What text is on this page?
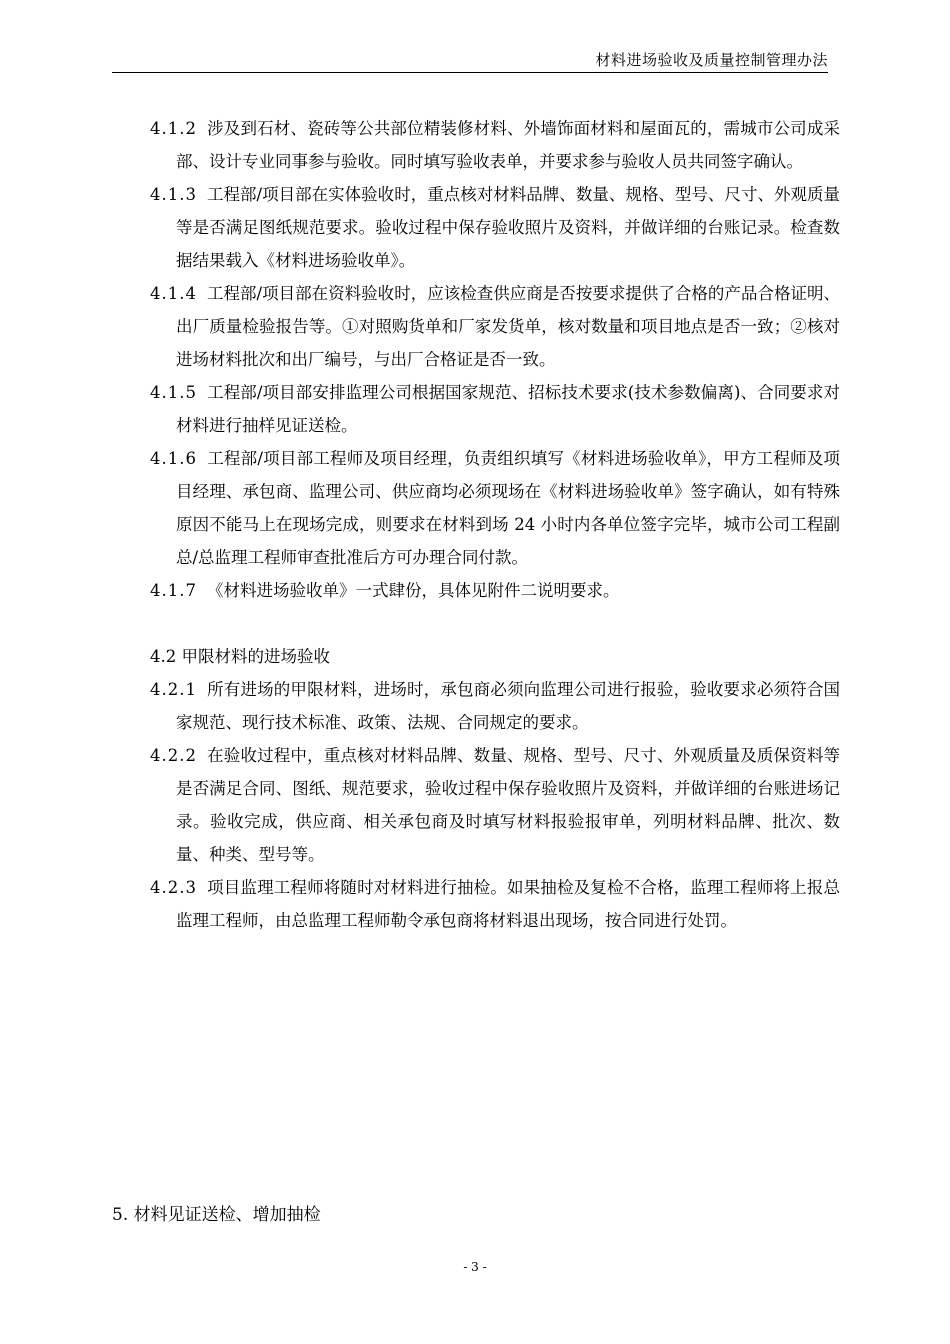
材料进场验收及质量控制管理办法
4.1.2 涉及到石材、瓷砖等公共部位精装修材料、外墙饰面材料和屋面瓦的，需城市公司成采部、设计专业同事参与验收。同时填写验收表单，并要求参与验收人员共同签字确认。
4.1.3 工程部/项目部在实体验收时，重点核对材料品牌、数量、规格、型号、尺寸、外观质量等是否满足图纸规范要求。验收过程中保存验收照片及资料，并做详细的台账记录。检查数据结果载入《材料进场验收单》。
4.1.4 工程部/项目部在资料验收时，应该检查供应商是否按要求提供了合格的产品合格证明、出厂质量检验报告等。①对照购货单和厂家发货单，核对数量和项目地点是否一致；②核对进场材料批次和出厂编号，与出厂合格证是否一致。
4.1.5 工程部/项目部安排监理公司根据国家规范、招标技术要求(技术参数偏离)、合同要求对材料进行抽样见证送检。
4.1.6 工程部/项目部工程师及项目经理，负责组织填写《材料进场验收单》，甲方工程师及项目经理、承包商、监理公司、供应商均必须现场在《材料进场验收单》签字确认，如有特殊原因不能马上在现场完成，则要求在材料到场 24 小时内各单位签字完毕，城市公司工程副总/总监理工程师审查批准后方可办理合同付款。
4.1.7 《材料进场验收单》一式肆份，具体见附件二说明要求。
4.2 甲限材料的进场验收
4.2.1 所有进场的甲限材料，进场时，承包商必须向监理公司进行报验，验收要求必须符合国家规范、现行技术标准、政策、法规、合同规定的要求。
4.2.2 在验收过程中，重点核对材料品牌、数量、规格、型号、尺寸、外观质量及质保资料等是否满足合同、图纸、规范要求，验收过程中保存验收照片及资料，并做详细的台账进场记录。验收完成，供应商、相关承包商及时填写材料报验报审单，列明材料品牌、批次、数量、种类、型号等。
4.2.3 项目监理工程师将随时对材料进行抽检。如果抽检及复检不合格，监理工程师将上报总监理工程师，由总监理工程师勒令承包商将材料退出现场，按合同进行处罚。
5. 材料见证送检、增加抽检
- 3 -
